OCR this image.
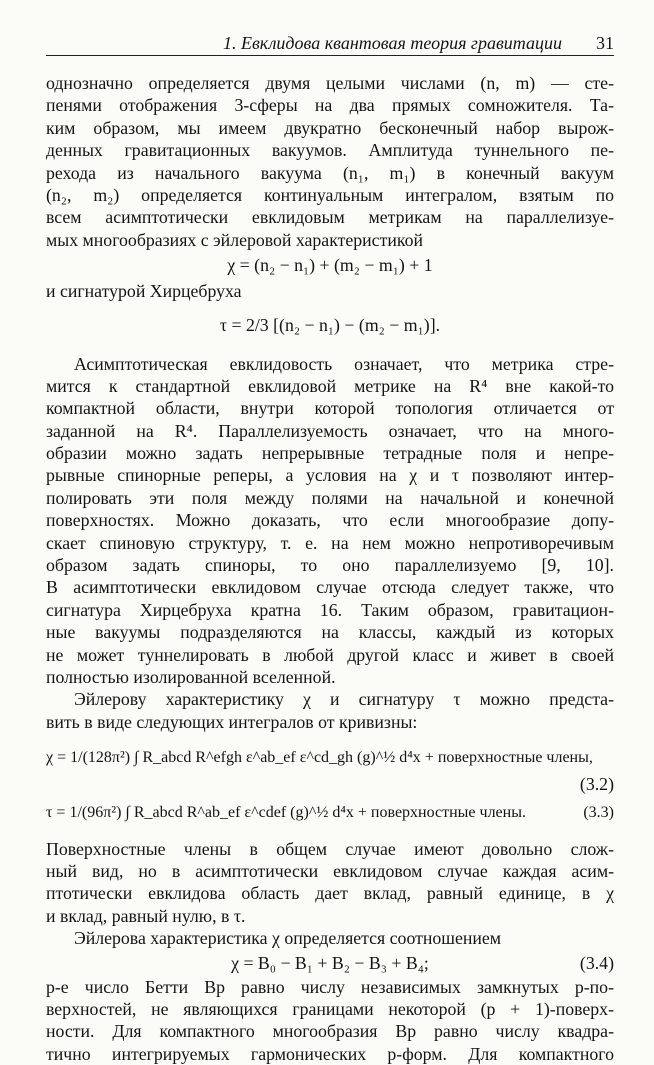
1. Евклидова квантовая теория гравитации 31
однозначно определяется двумя целыми числами (n, m) — сте-
пенями отображения 3-сферы на два прямых сомножителя. Та-
ким образом, мы имеем двукратно бесконечный набор вырож-
денных гравитационных вакуумов. Амплитуда туннельного пе-
рехода из начального вакуума (n₁, m₁) в конечный вакуум
(n₂, m₂) определяется континуальным интегралом, взятым по
всем асимптотически евклидовым метрикам на параллелизуе-
мых многообразиях с эйлеровой характеристикой
χ = (n₂ − n₁) + (m₂ − m₁) + 1
и сигнатурой Хирцебруха
τ = 2/3 [(n₂ − n₁) − (m₂ − m₁)].
Асимптотическая евклидовость означает, что метрика стре-
мится к стандартной евклидовой метрике на R⁴ вне какой-то
компактной области, внутри которой топология отличается от
заданной на R⁴. Параллелизуемость означает, что на много-
образии можно задать непрерывные тетрадные поля и непре-
рывные спинорные реперы, а условия на χ и τ позволяют интер-
полировать эти поля между полями на начальной и конечной
поверхностях. Можно доказать, что если многообразие допу-
скает спиновую структуру, т. е. на нем можно непротиворечивым
образом задать спиноры, то оно параллелизуемо [9, 10].
В асимптотически евклидовом случае отсюда следует также, что
сигнатура Хирцебруха кратна 16. Таким образом, гравитацион-
ные вакуумы подразделяются на классы, каждый из которых
не может туннелировать в любой другой класс и живет в своей
полностью изолированной вселенной.
Эйлерову характеристику χ и сигнатуру τ можно предста-
вить в виде следующих интегралов от кривизны:
χ = 1/(128π²) ∫ R_abcd R^efgh ε^ab_ef ε^cd_gh (g)^½ d⁴x + поверхностные члены,
(3.2)
τ = 1/(96π²) ∫ R_abcd R^ab_ef ε^cdef (g)^½ d⁴x + поверхностные члены.	(3.3)
Поверхностные члены в общем случае имеют довольно слож-
ный вид, но в асимптотически евклидовом случае каждая асим-
птотически евклидова область дает вклад, равный единице, в χ
и вклад, равный нулю, в τ.
Эйлерова характеристика χ определяется соотношением
χ = B₀ − B₁ + B₂ − B₃ + B₄;	(3.4)
p-е число Бетти Bp равно числу независимых замкнутых p-по-
верхностей, не являющихся границами некоторой (p + 1)-поверх-
ности. Для компактного многообразия Bp равно числу квадра-
тично интегрируемых гармонических p-форм. Для компактного
